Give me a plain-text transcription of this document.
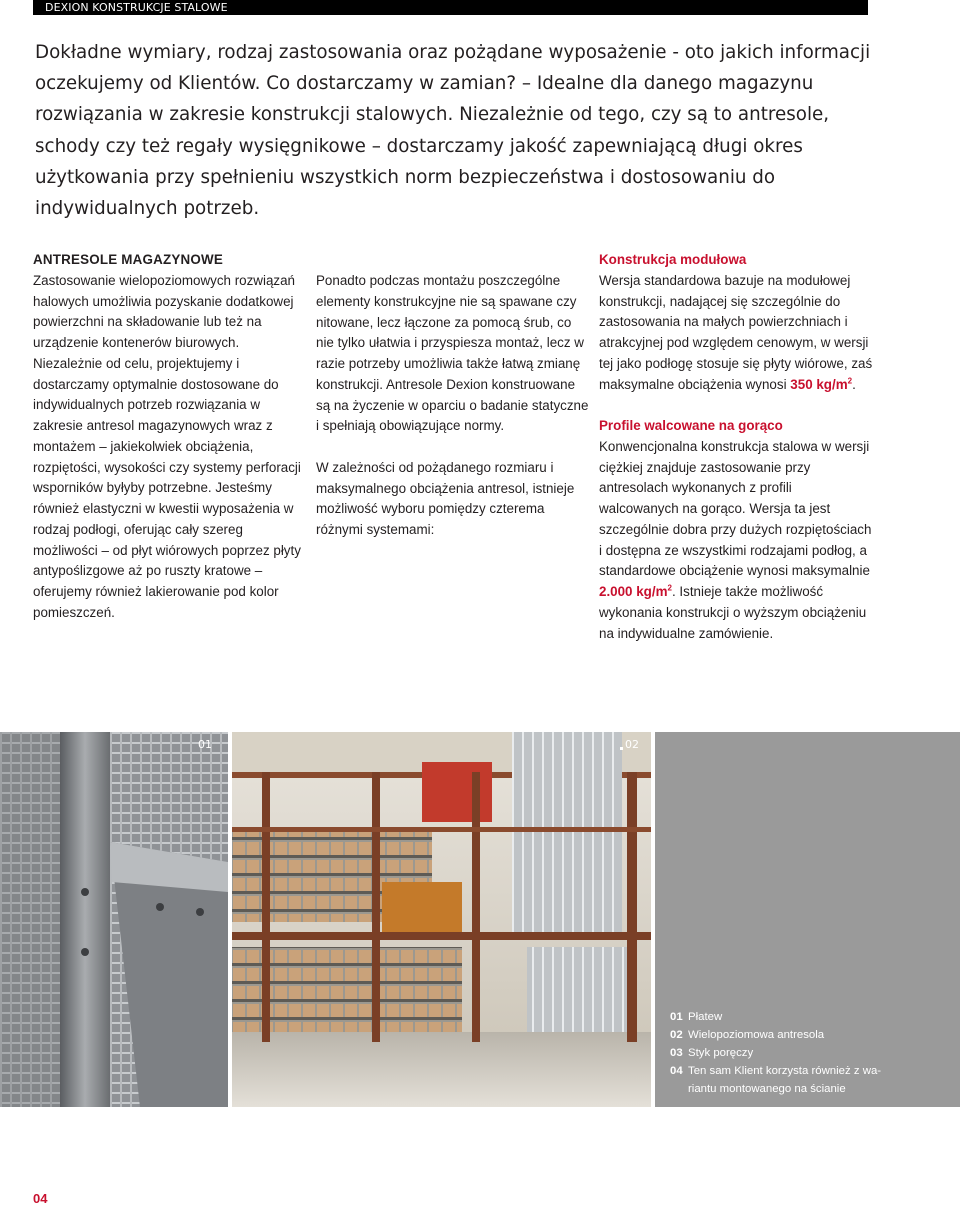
DEXION KONSTRUKCJE STALOWE

Dokładne wymiary, rodzaj zastosowania oraz pożądane wyposażenie - oto jakich informacji oczekujemy od Klientów. Co dostarczamy w zamian? – Idealne dla danego magazynu rozwiązania w zakresie konstrukcji stalowych. Niezależnie od tego, czy są to antresole, schody czy też regały wysięgnikowe – dostarczamy jakość zapewniającą długi okres użytkowania przy spełnieniu wszystkich norm bezpieczeństwa i dostosowaniu do indywidualnych potrzeb.

ANTRESOLE MAGAZYNOWE

Zastosowanie wielopoziomowych rozwiązań halowych umożliwia pozyskanie dodatkowej powierzchni na składowanie lub też na urządzenie kontenerów biurowych. Niezależnie od celu, projektujemy i dostarczamy optymalnie dostosowane do indywidualnych potrzeb rozwiązania w zakresie antresol magazynowych wraz z montażem – jakiekolwiek obciążenia, rozpiętości, wysokości czy systemy perforacji wsporników byłyby potrzebne. Jesteśmy również elastyczni w kwestii wyposażenia w rodzaj podłogi, oferując cały szereg możliwości – od płyt wiórowych poprzez płyty antypoślizgowe aż po ruszty kratowe – oferujemy również lakierowanie pod kolor pomieszczeń.

Ponadto podczas montażu poszczególne elementy konstrukcyjne nie są spawane czy nitowane, lecz łączone za pomocą śrub, co nie tylko ułatwia i przyspiesza montaż, lecz w razie potrzeby umożliwia także łatwą zmianę konstrukcji. Antresole Dexion konstruowane są na życzenie w oparciu o badanie statyczne i spełniają obowiązujące normy.

W zależności od pożądanego rozmiaru i maksymalnego obciążenia antresol, istnieje możliwość wyboru pomiędzy czterema różnymi systemami:

Konstrukcja modułowa

Wersja standardowa bazuje na modułowej konstrukcji, nadającej się szczególnie do zastosowania na małych powierzchniach i atrakcyjnej pod względem cenowym, w wersji tej jako podłogę stosuje się płyty wiórowe, zaś maksymalne obciążenia wynosi 350 $kg/m^2$.

Profile walcowane na gorąco

Konwencjonalna konstrukcja stalowa w wersji ciężkiej znajduje zastosowanie przy antresolach wykonanych z profili walcowanych na gorąco. Wersja ta jest szczególnie dobra przy dużych rozpiętościach i dostępna ze wszystkimi rodzajami podłog, a standardowe obciążenie wynosi maksymalnie 2.000 $kg/m^2$. Istnieje także możliwość wykonania konstrukcji o wyższym obciążeniu na indywidualne zamówienie.

01	02
01 Płatew
02 Wielopoziomowa antresola
03 Styk poręczy
04 Ten sam Klient korzysta również z wa-
riantu montowanego na ścianie
04
